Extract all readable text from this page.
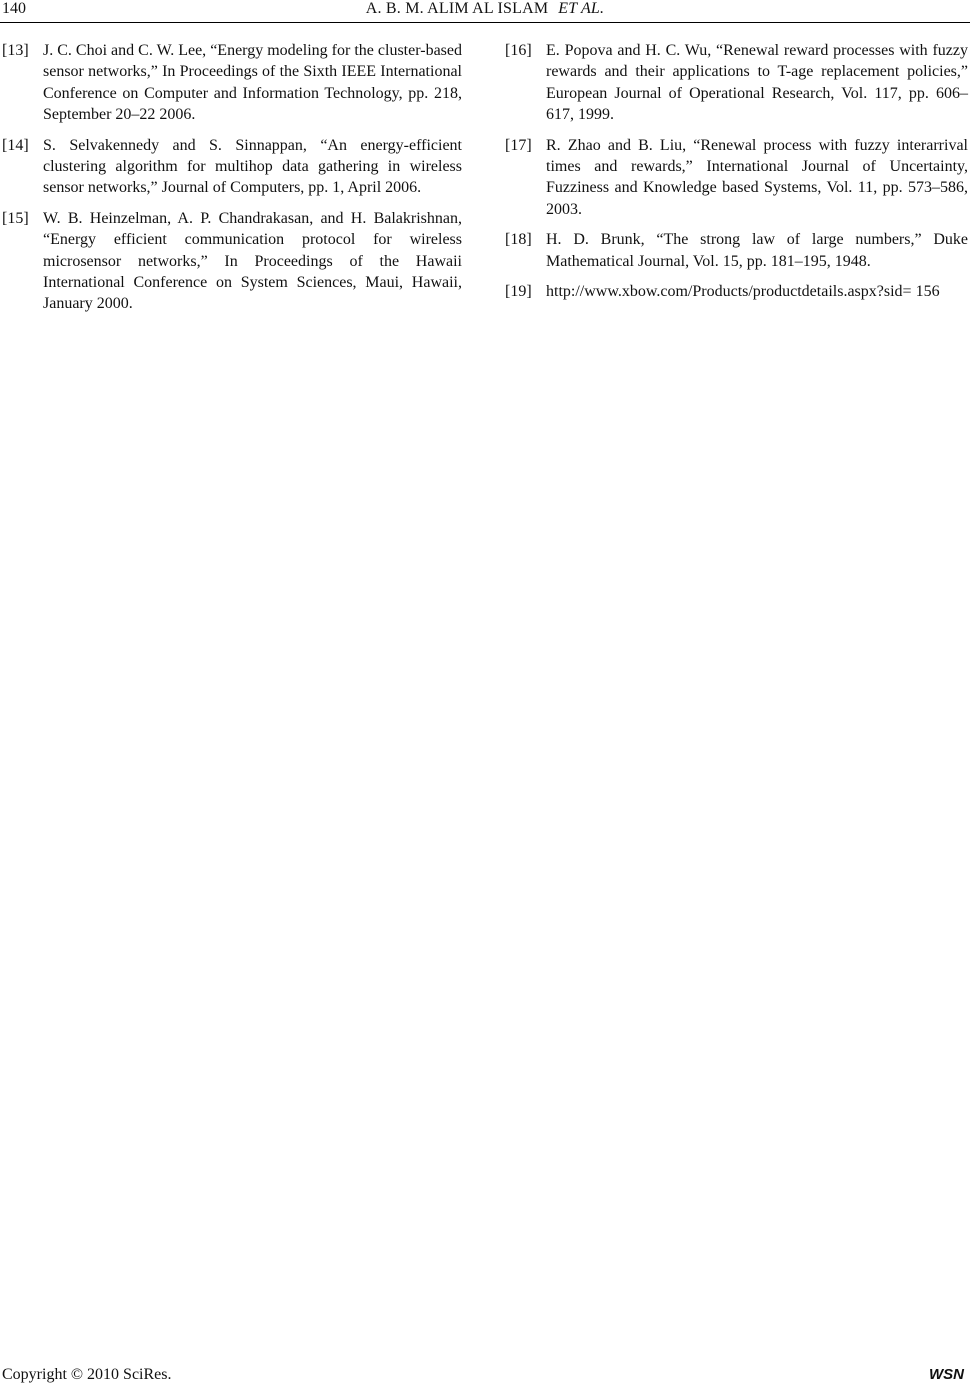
140	A. B. M. ALIM AL ISLAM ET AL.
[13] J. C. Choi and C. W. Lee, “Energy modeling for the cluster-based sensor networks,” In Proceedings of the Sixth IEEE International Conference on Computer and Information Technology, pp. 218, September 20–22 2006.
[14] S. Selvakennedy and S. Sinnappan, “An energy-efficient clustering algorithm for multihop data gathering in wireless sensor networks,” Journal of Computers, pp. 1, April 2006.
[15] W. B. Heinzelman, A. P. Chandrakasan, and H. Balakrishnan, “Energy efficient communication protocol for wireless microsensor networks,” In Proceedings of the Hawaii International Conference on System Sciences, Maui, Hawaii, January 2000.
[16] E. Popova and H. C. Wu, “Renewal reward processes with fuzzy rewards and their applications to T-age replacement policies,” European Journal of Operational Research, Vol. 117, pp. 606–617, 1999.
[17] R. Zhao and B. Liu, “Renewal process with fuzzy interarrival times and rewards,” International Journal of Uncertainty, Fuzziness and Knowledge based Systems, Vol. 11, pp. 573–586, 2003.
[18] H. D. Brunk, “The strong law of large numbers,” Duke Mathematical Journal, Vol. 15, pp. 181–195, 1948.
[19] http://www.xbow.com/Products/productdetails.aspx?sid= 156
Copyright © 2010 SciRes.	WSN
